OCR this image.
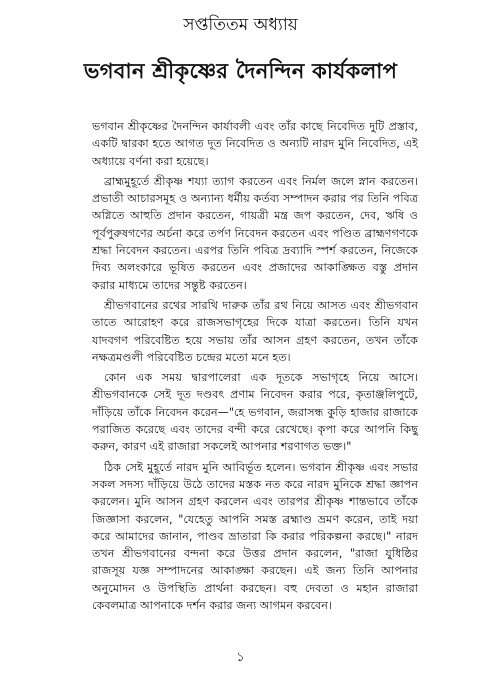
সপ্ততিতম অধ্যায়
ভগবান শ্রীকৃষ্ণের দৈনন্দিন কার্যকলাপ

ভগবান শ্রীকৃষ্ণের দৈনন্দিন কার্যাবলী এবং তাঁর কাছে নিবেদিত দুটি প্রস্তাব, একটি দ্বারকা হতে আগত দূত নিবেদিত ও অন্যটি নারদ মুনি নিবেদিত, এই অধ্যায়ে বর্ণনা করা হয়েছে।

ব্রাহ্মমুহূর্তে শ্রীকৃষ্ণ শয্যা ত্যাগ করতেন এবং নির্মল জলে স্নান করতেন। প্রভাতী আচারসমূহ ও অন্যান্য ধর্মীয় কর্তব্য সম্পাদন করার পর তিনি পবিত্র অগ্নিতে আহুতি প্রদান করতেন, গায়ত্রী মন্ত্র জপ করতেন, দেব, ঋষি ও পূর্বপুরুষগণের অর্চনা করে তর্পণ নিবেদন করতেন এবং পণ্ডিত ব্রাহ্মণগণকে শ্রদ্ধা নিবেদন করতেন। এরপর তিনি পবিত্র দ্রব্যাদি স্পর্শ করতেন, নিজেকে দিব্য অলংকারে ভূষিত করতেন এবং প্রজাদের আকাঙ্ক্ষিত বস্তু প্রদান করার মাধ্যমে তাদের সন্তুষ্ট করতেন।

শ্রীভগবানের রথের সারথি দারুক তাঁর রথ নিয়ে আসত এবং শ্রীভগবান তাতে আরোহণ করে রাজসভাগৃহের দিকে যাত্রা করতেন। তিনি যখন যাদবগণ পরিবেষ্টিত হয়ে সভায় তাঁর আসন গ্রহণ করতেন, তখন তাঁকে নক্ষত্রমণ্ডলী পরিবেষ্টিত চন্দ্রের মতো মনে হত।

কোন এক সময় দ্বারপালেরা এক দূতকে সভাগৃহে নিয়ে আসে। শ্রীভগবানকে সেই দূত দণ্ডবৎ প্রণাম নিবেদন করার পরে, কৃতাঞ্জলিপুটে, দাঁড়িয়ে তাঁকে নিবেদন করেন—"হে ভগবান, জরাসন্ধ কুড়ি হাজার রাজাকে পরাজিত করেছে এবং তাদের বন্দী করে রেখেছে। কৃপা করে আপনি কিছু করুন, কারণ এই রাজারা সকলেই আপনার শরণাগত ভক্ত।"

ঠিক সেই মুহূর্তে নারদ মুনি আবির্ভূত হলেন। ভগবান শ্রীকৃষ্ণ এবং সভার সকল সদস্য দাঁড়িয়ে উঠে তাদের মস্তক নত করে নারদ মুনিকে শ্রদ্ধা জ্ঞাপন করলেন। মুনি আসন গ্রহণ করলেন এবং তারপর শ্রীকৃষ্ণ শান্তভাবে তাঁকে জিজ্ঞাসা করলেন, "যেহেতু আপনি সমস্ত ব্রহ্মাণ্ড ভ্রমণ করেন, তাই দয়া করে আমাদের জানান, পাণ্ডব ভ্রাতারা কি করার পরিকল্পনা করছে।" নারদ তখন শ্রীভগবানের বন্দনা করে উত্তর প্রদান করলেন, "রাজা যুধিষ্ঠির রাজসূয় যজ্ঞ সম্পাদনের আকাঙ্ক্ষা করছেন। এই জন্য তিনি আপনার অনুমোদন ও উপস্থিতি প্রার্থনা করছেন। বহু দেবতা ও মহান রাজারা কেবলমাত্র আপনাকে দর্শন করার জন্য আগমন করবেন।

১
